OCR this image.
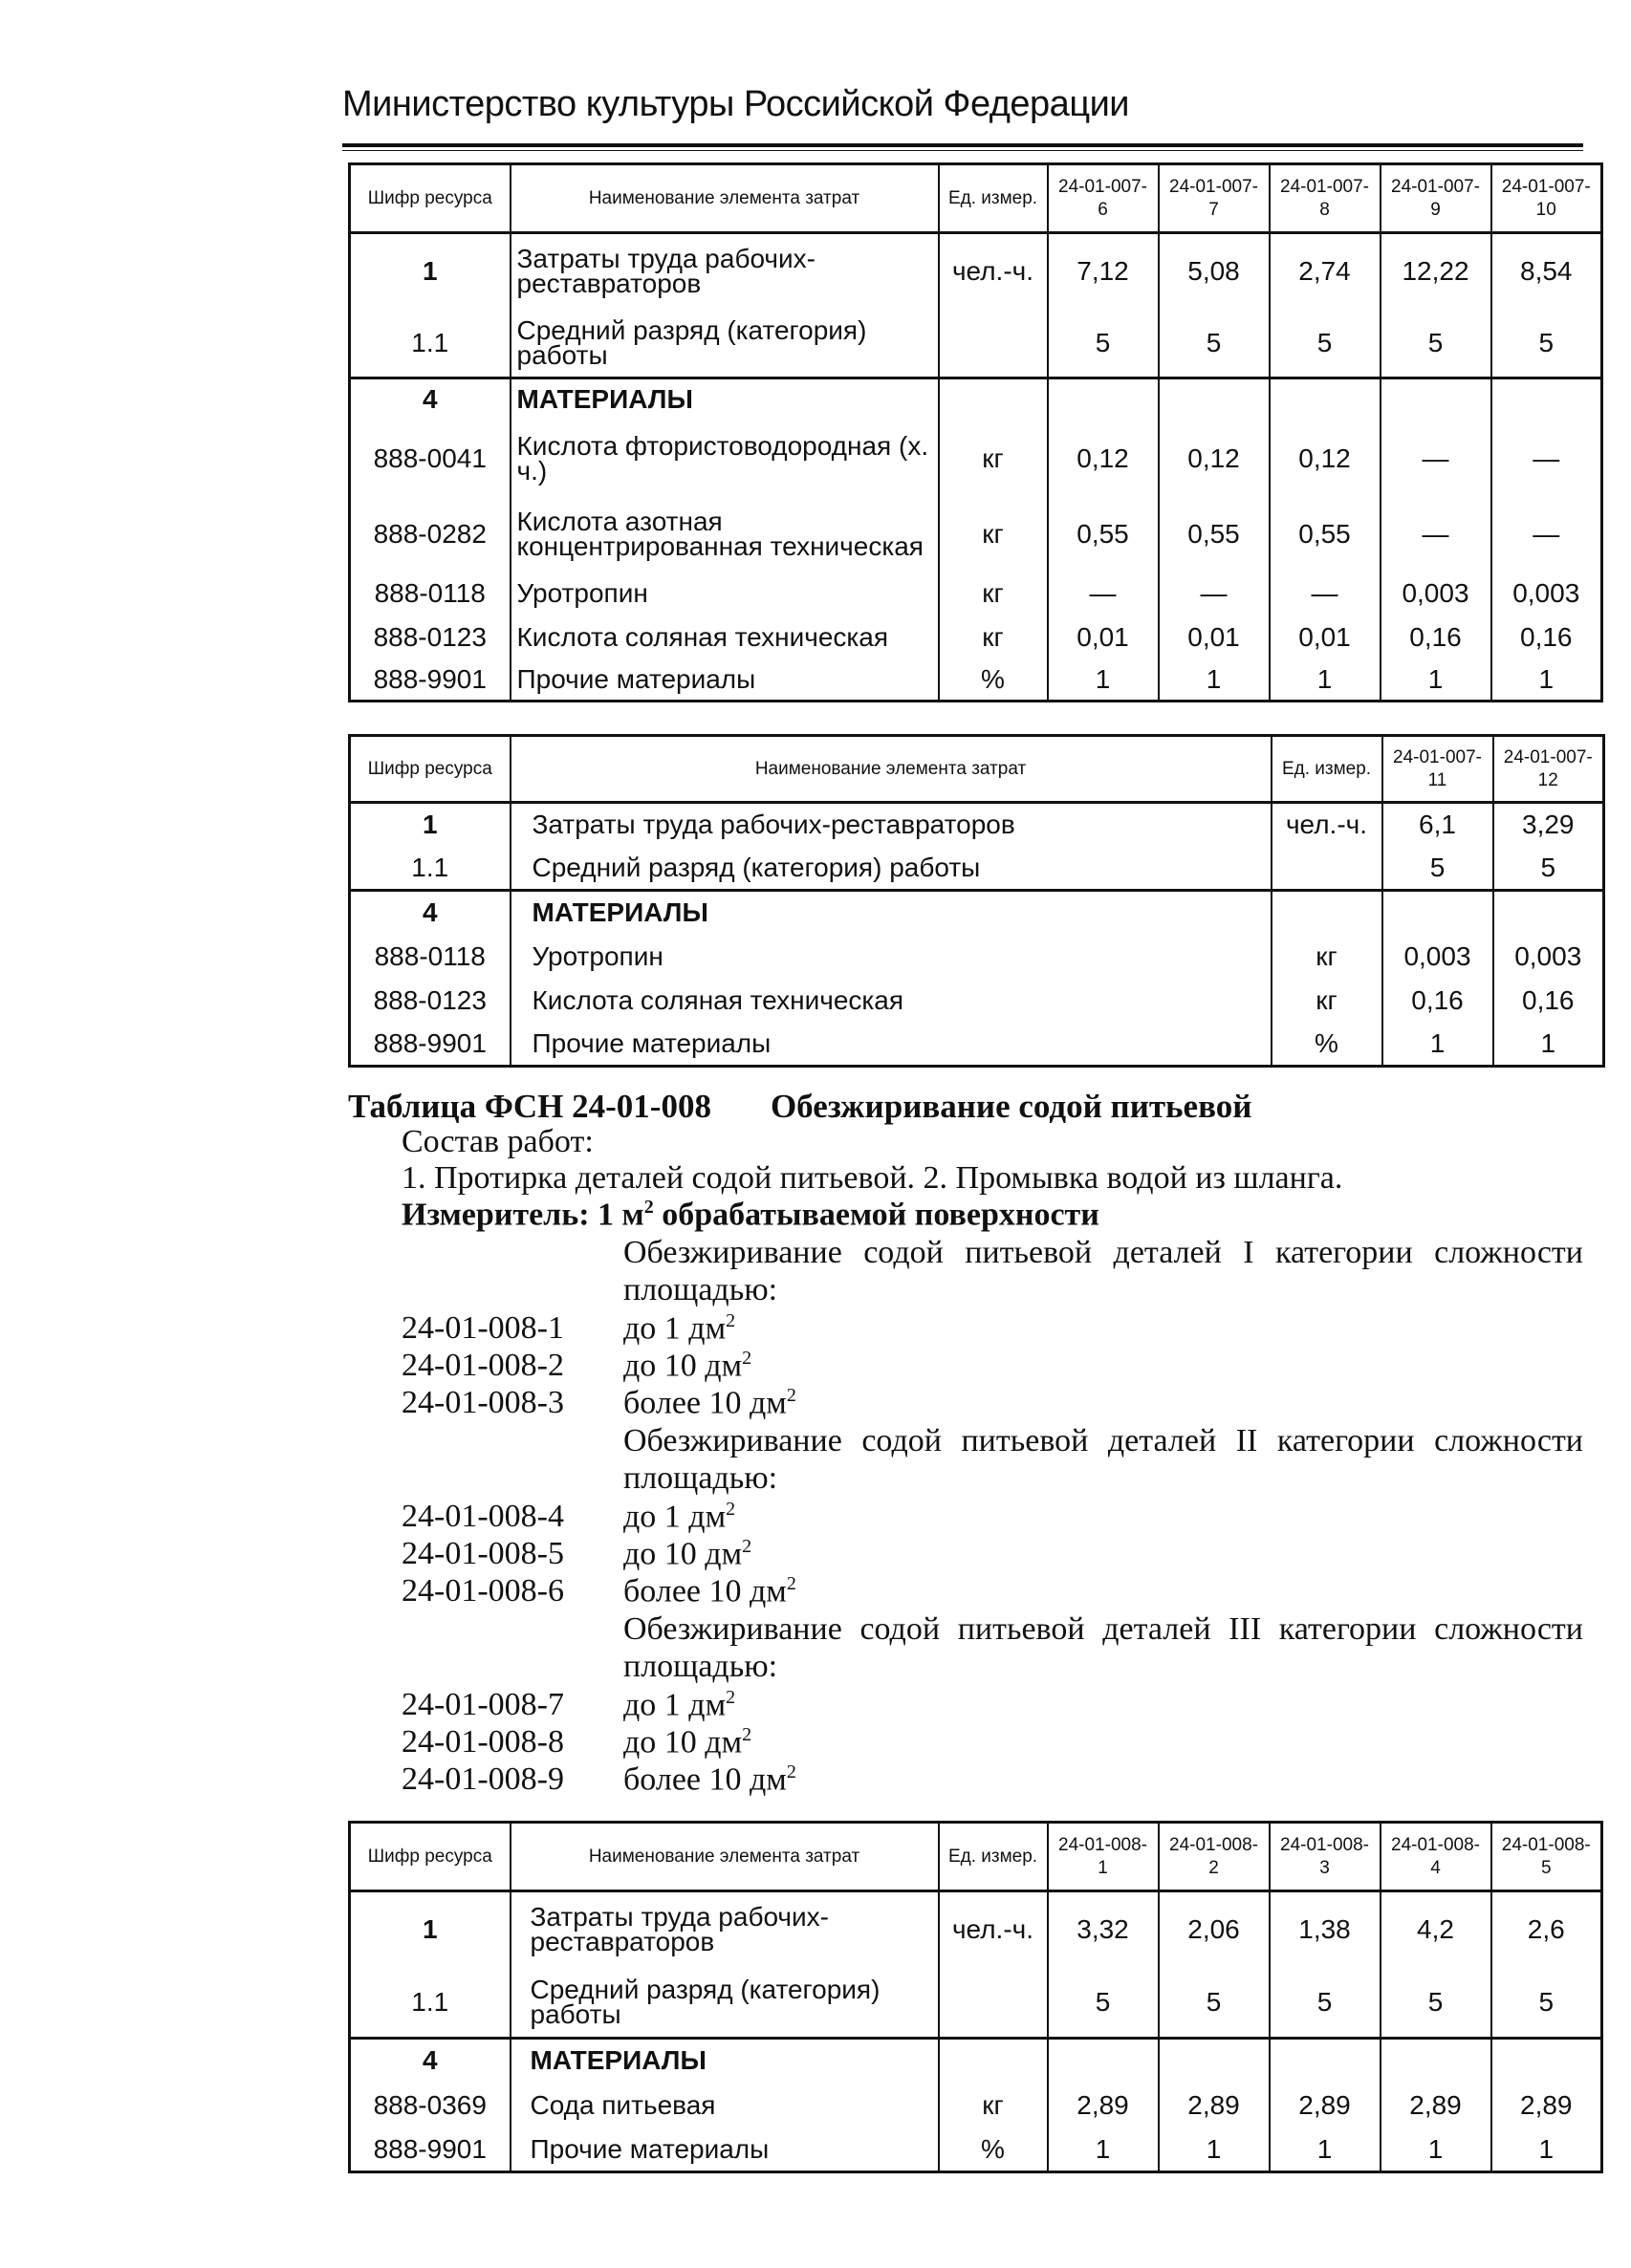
Министерство культуры Российской Федерации
Шифр ресурса	Наименование элемента затрат	Ед. измер.	24-01-007-6	24-01-007-7	24-01-007-8	24-01-007-9	24-01-007-10
1	Затраты труда рабочих-реставраторов	чел.-ч.	7,12	5,08	2,74	12,22	8,54
1.1	Средний разряд (категория) работы		5	5	5	5	5
4	МАТЕРИАЛЫ						
888-0041	Кислота фтористоводородная (х. ч.)	кг	0,12	0,12	0,12	—	—
888-0282	Кислота азотная концентрированная техническая	кг	0,55	0,55	0,55	—	—
888-0118	Уротропин	кг	—	—	—	0,003	0,003
888-0123	Кислота соляная техническая	кг	0,01	0,01	0,01	0,16	0,16
888-9901	Прочие материалы	%	1	1	1	1	1
Шифр ресурса	Наименование элемента затрат	Ед. измер.	24-01-007-11	24-01-007-12
1	Затраты труда рабочих-реставраторов	чел.-ч.	6,1	3,29
1.1	Средний разряд (категория) работы		5	5
4	МАТЕРИАЛЫ			
888-0118	Уротропин	кг	0,003	0,003
888-0123	Кислота соляная техническая	кг	0,16	0,16
888-9901	Прочие материалы	%	1	1
Таблица ФСН 24-01-008 Обезжиривание содой питьевой
Состав работ:
1. Протирка деталей содой питьевой. 2. Промывка водой из шланга.
Измеритель: 1 $м^2$ обрабатываемой поверхности
Обезжиривание содой питьевой деталей I категории сложности площадью:
24-01-008-1 до 1 $дм^2$
24-01-008-2 до 10 $дм^2$
24-01-008-3 более 10 $дм^2$
Обезжиривание содой питьевой деталей II категории сложности площадью:
24-01-008-4 до 1 $дм^2$
24-01-008-5 до 10 $дм^2$
24-01-008-6 более 10 $дм^2$
Обезжиривание содой питьевой деталей III категории сложности площадью:
24-01-008-7 до 1 $дм^2$
24-01-008-8 до 10 $дм^2$
24-01-008-9 более 10 $дм^2$
Шифр ресурса	Наименование элемента затрат	Ед. измер.	24-01-008-1	24-01-008-2	24-01-008-3	24-01-008-4	24-01-008-5
1	Затраты труда рабочих-реставраторов	чел.-ч.	3,32	2,06	1,38	4,2	2,6
1.1	Средний разряд (категория) работы		5	5	5	5	5
4	МАТЕРИАЛЫ						
888-0369	Сода питьевая	кг	2,89	2,89	2,89	2,89	2,89
888-9901	Прочие материалы	%	1	1	1	1	1
